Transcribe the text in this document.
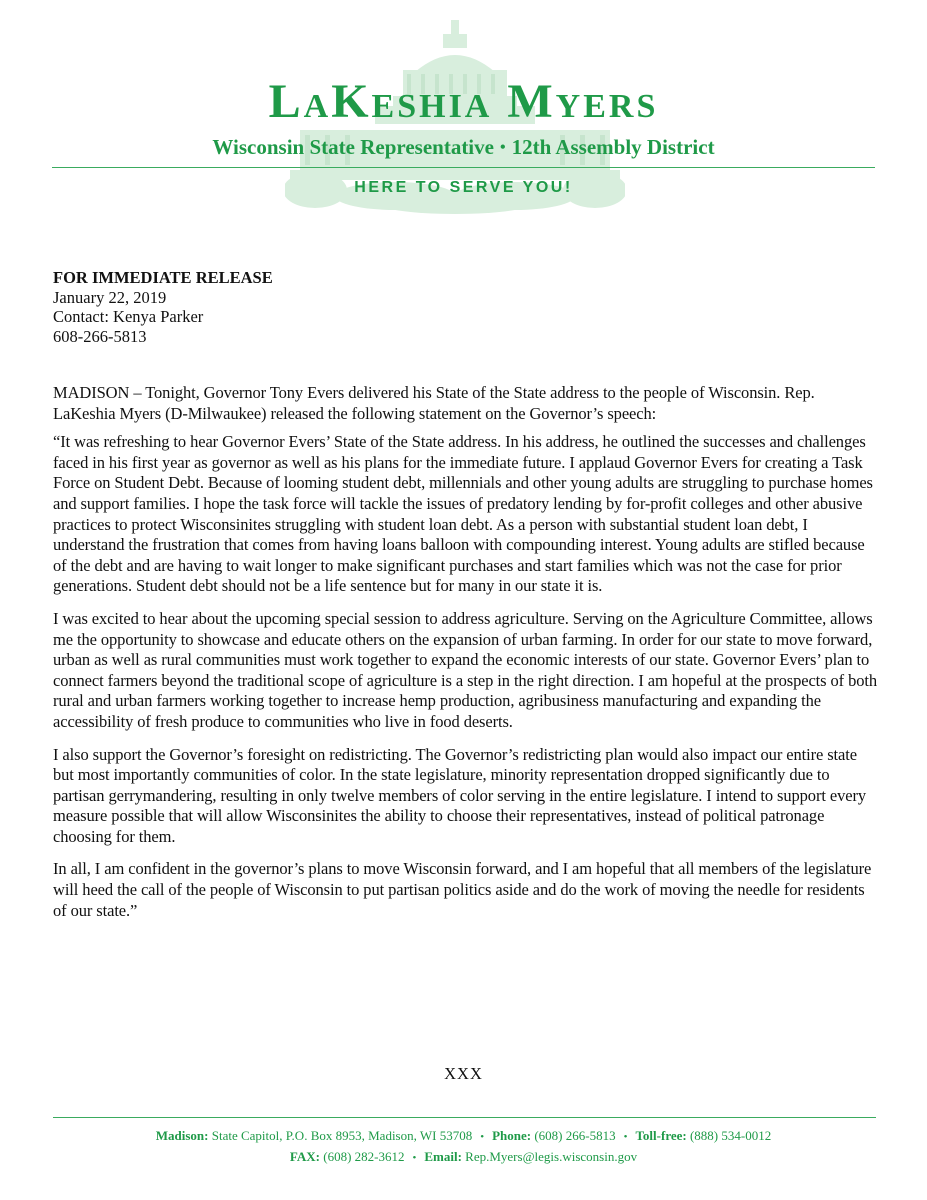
LaKeshia Myers
Wisconsin State Representative • 12th Assembly District
HERE TO SERVE YOU!
FOR IMMEDIATE RELEASE
January 22, 2019
Contact: Kenya Parker
608-266-5813

MADISON – Tonight, Governor Tony Evers delivered his State of the State address to the people of Wisconsin. Rep. LaKeshia Myers (D-Milwaukee) released the following statement on the Governor’s speech:

“It was refreshing to hear Governor Evers’ State of the State address. In his address, he outlined the successes and challenges faced in his first year as governor as well as his plans for the immediate future. I applaud Governor Evers for creating a Task Force on Student Debt. Because of looming student debt, millennials and other young adults are struggling to purchase homes and support families. I hope the task force will tackle the issues of predatory lending by for-profit colleges and other abusive practices to protect Wisconsinites struggling with student loan debt. As a person with substantial student loan debt, I understand the frustration that comes from having loans balloon with compounding interest. Young adults are stifled because of the debt and are having to wait longer to make significant purchases and start families which was not the case for prior generations. Student debt should not be a life sentence but for many in our state it is.

I was excited to hear about the upcoming special session to address agriculture. Serving on the Agriculture Committee, allows me the opportunity to showcase and educate others on the expansion of urban farming. In order for our state to move forward, urban as well as rural communities must work together to expand the economic interests of our state. Governor Evers’ plan to connect farmers beyond the traditional scope of agriculture is a step in the right direction. I am hopeful at the prospects of both rural and urban farmers working together to increase hemp production, agribusiness manufacturing and expanding the accessibility of fresh produce to communities who live in food deserts.

I also support the Governor’s foresight on redistricting. The Governor’s redistricting plan would also impact our entire state but most importantly communities of color. In the state legislature, minority representation dropped significantly due to partisan gerrymandering, resulting in only twelve members of color serving in the entire legislature. I intend to support every measure possible that will allow Wisconsinites the ability to choose their representatives, instead of political patronage choosing for them.

In all, I am confident in the governor’s plans to move Wisconsin forward, and I am hopeful that all members of the legislature will heed the call of the people of Wisconsin to put partisan politics aside and do the work of moving the needle for residents of our state.”

XXX
Madison: State Capitol, P.O. Box 8953, Madison, WI 53708 • Phone: (608) 266-5813 • Toll-free: (888) 534-0012
FAX: (608) 282-3612 • Email: Rep.Myers@legis.wisconsin.gov
